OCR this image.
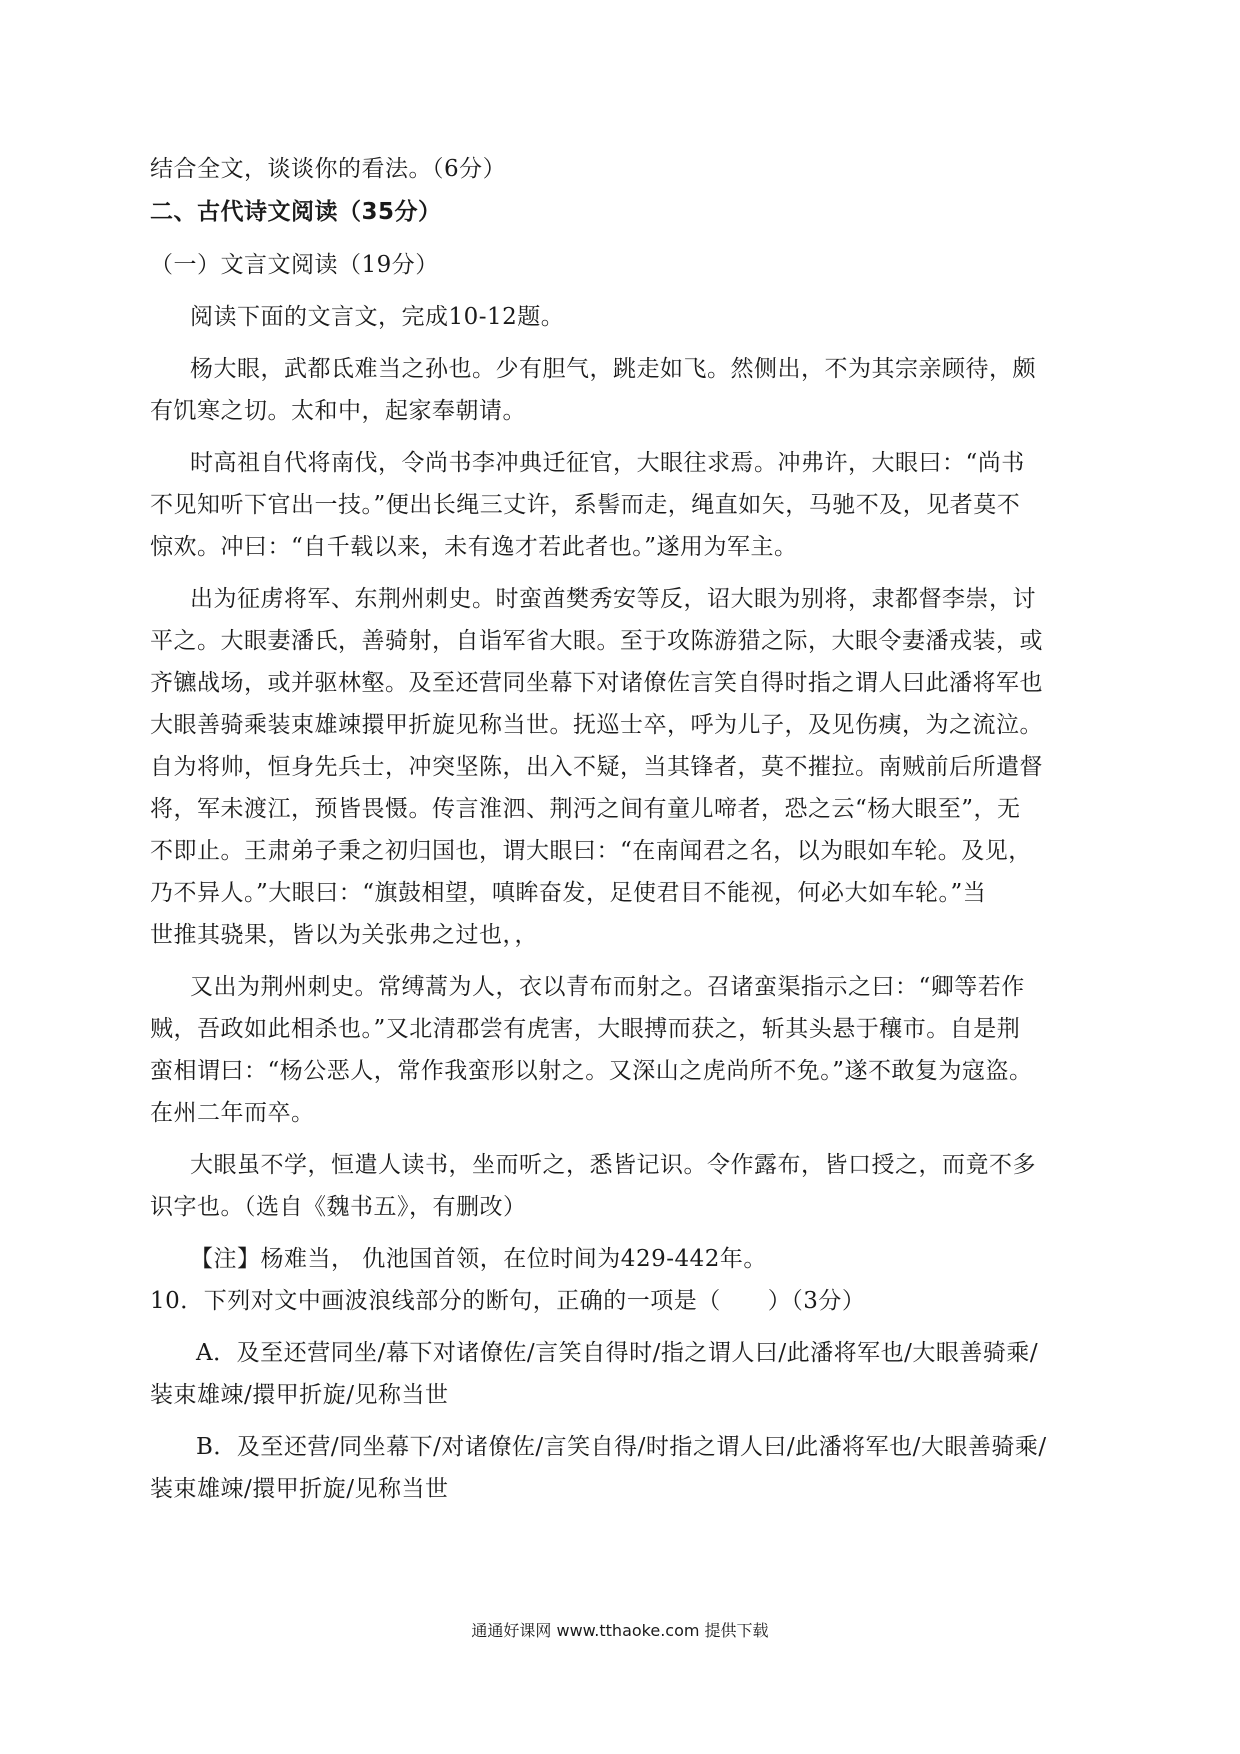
结合全文，谈谈你的看法。（6分）
二、古代诗文阅读（35分）
（一）文言文阅读（19分）
阅读下面的文言文，完成10-12题。
杨大眼，武都氐难当之孙也。少有胆气，跳走如飞。然侧出，不为其宗亲顾待，颇
有饥寒之切。太和中，起家奉朝请。
时高祖自代将南伐，令尚书李冲典迁征官，大眼往求焉。冲弗许，大眼曰：“尚书
不见知听下官出一技。”便出长绳三丈许，系髻而走，绳直如矢，马驰不及，见者莫不
惊欢。冲曰：“自千载以来，未有逸才若此者也。”遂用为军主。
出为征虏将军、东荆州刺史。时蛮酋樊秀安等反，诏大眼为别将，隶都督李崇，讨
平之。大眼妻潘氏，善骑射，自诣军省大眼。至于攻陈游猎之际，大眼令妻潘戎装，或
齐镳战场，或并驱林壑。及至还营同坐幕下对诸僚佐言笑自得时指之谓人曰此潘将军也
大眼善骑乘装束雄竦擐甲折旋见称当世。抚巡士卒，呼为儿子，及见伤痍，为之流泣。
自为将帅，恒身先兵士，冲突坚陈，出入不疑，当其锋者，莫不摧拉。南贼前后所遣督
将，军未渡江，预皆畏慑。传言淮泗、荆沔之间有童儿啼者，恐之云“杨大眼至”，无
不即止。王肃弟子秉之初归国也，谓大眼曰：“在南闻君之名，以为眼如车轮。及见，
乃不异人。”大眼曰：“旗鼓相望，嗔眸奋发，足使君目不能视，何必大如车轮。”当
世推其骁果，皆以为关张弗之过也，，
又出为荆州刺史。常缚蒿为人，衣以青布而射之。召诸蛮渠指示之曰：“卿等若作
贼，吾政如此相杀也。”又北清郡尝有虎害，大眼搏而获之，斩其头悬于穰市。自是荆
蛮相谓曰：“杨公恶人，常作我蛮形以射之。又深山之虎尚所不免。”遂不敢复为寇盗。
在州二年而卒。
大眼虽不学，恒遣人读书，坐而听之，悉皆记识。令作露布，皆口授之，而竟不多
识字也。（选自《魏书五》，有删改）
【注】杨难当， 仇池国首领，在位时间为429-442年。
10．下列对文中画波浪线部分的断句，正确的一项是（　　）（3分）
A．及至还营同坐/幕下对诸僚佐/言笑自得时/指之谓人曰/此潘将军也/大眼善骑乘/
装束雄竦/擐甲折旋/见称当世
B．及至还营/同坐幕下/对诸僚佐/言笑自得/时指之谓人曰/此潘将军也/大眼善骑乘/
装束雄竦/擐甲折旋/见称当世
通通好课网 www.tthaoke.com 提供下载
